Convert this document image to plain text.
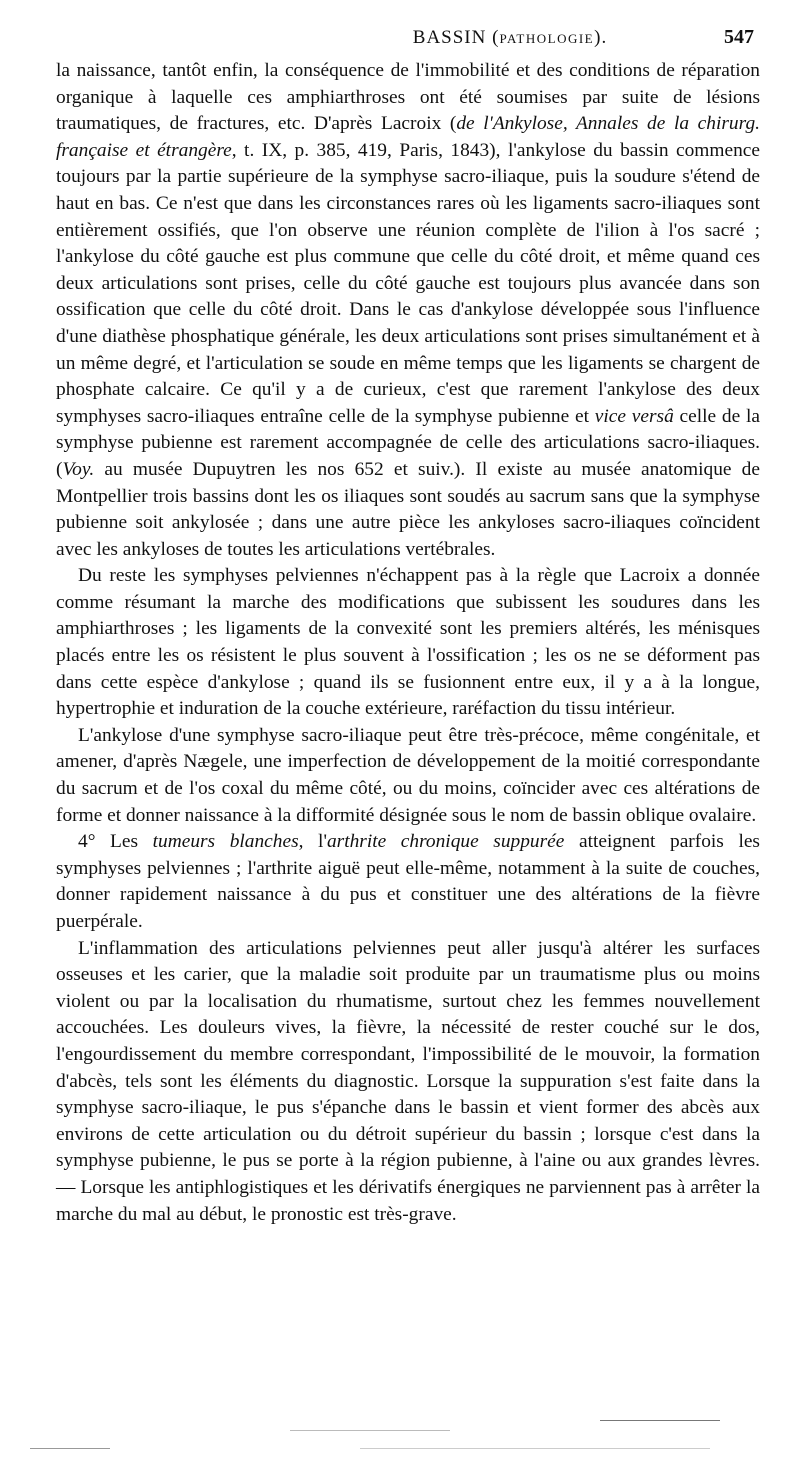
BASSIN (PATHOLOGIE).	547

la naissance, tantôt enfin, la conséquence de l'immobilité et des conditions de réparation organique à laquelle ces amphiarthroses ont été soumises par suite de lésions traumatiques, de fractures, etc. D'après Lacroix (de l'Ankylose, Annales de la chirurg. française et étrangère, t. IX, p. 385, 419, Paris, 1843), l'ankylose du bassin commence toujours par la partie supérieure de la symphyse sacro-iliaque, puis la soudure s'étend de haut en bas. Ce n'est que dans les circonstances rares où les ligaments sacro-iliaques sont entièrement ossifiés, que l'on observe une réunion complète de l'ilion à l'os sacré ; l'ankylose du côté gauche est plus commune que celle du côté droit, et même quand ces deux articulations sont prises, celle du côté gauche est toujours plus avancée dans son ossification que celle du côté droit. Dans le cas d'ankylose développée sous l'influence d'une diathèse phosphatique générale, les deux articulations sont prises simultanément et à un même degré, et l'articulation se soude en même temps que les ligaments se chargent de phosphate calcaire. Ce qu'il y a de curieux, c'est que rarement l'ankylose des deux symphyses sacro-iliaques entraîne celle de la symphyse pubienne et vice versâ celle de la symphyse pubienne est rarement accompagnée de celle des articulations sacro-iliaques. (Voy. au musée Dupuytren les nos 652 et suiv.). Il existe au musée anatomique de Montpellier trois bassins dont les os iliaques sont soudés au sacrum sans que la symphyse pubienne soit ankylosée ; dans une autre pièce les ankyloses sacro-iliaques coïncident avec les ankyloses de toutes les articulations vertébrales.

Du reste les symphyses pelviennes n'échappent pas à la règle que Lacroix a donnée comme résumant la marche des modifications que subissent les soudures dans les amphiarthroses ; les ligaments de la convexité sont les premiers altérés, les ménisques placés entre les os résistent le plus souvent à l'ossification ; les os ne se déforment pas dans cette espèce d'ankylose ; quand ils se fusionnent entre eux, il y a à la longue, hypertrophie et induration de la couche extérieure, raréfaction du tissu intérieur.

L'ankylose d'une symphyse sacro-iliaque peut être très-précoce, même congénitale, et amener, d'après Nægele, une imperfection de développement de la moitié correspondante du sacrum et de l'os coxal du même côté, ou du moins, coïncider avec ces altérations de forme et donner naissance à la difformité désignée sous le nom de bassin oblique ovalaire.

4° Les tumeurs blanches, l'arthrite chronique suppurée atteignent parfois les symphyses pelviennes ; l'arthrite aiguë peut elle-même, notamment à la suite de couches, donner rapidement naissance à du pus et constituer une des altérations de la fièvre puerpérale.

L'inflammation des articulations pelviennes peut aller jusqu'à altérer les surfaces osseuses et les carier, que la maladie soit produite par un traumatisme plus ou moins violent ou par la localisation du rhumatisme, surtout chez les femmes nouvellement accouchées. Les douleurs vives, la fièvre, la nécessité de rester couché sur le dos, l'engourdissement du membre correspondant, l'impossibilité de le mouvoir, la formation d'abcès, tels sont les éléments du diagnostic. Lorsque la suppuration s'est faite dans la symphyse sacro-iliaque, le pus s'épanche dans le bassin et vient former des abcès aux environs de cette articulation ou du détroit supérieur du bassin ; lorsque c'est dans la symphyse pubienne, le pus se porte à la région pubienne, à l'aine ou aux grandes lèvres. — Lorsque les antiphlogistiques et les dérivatifs énergiques ne parviennent pas à arrêter la marche du mal au début, le pronostic est très-grave.
